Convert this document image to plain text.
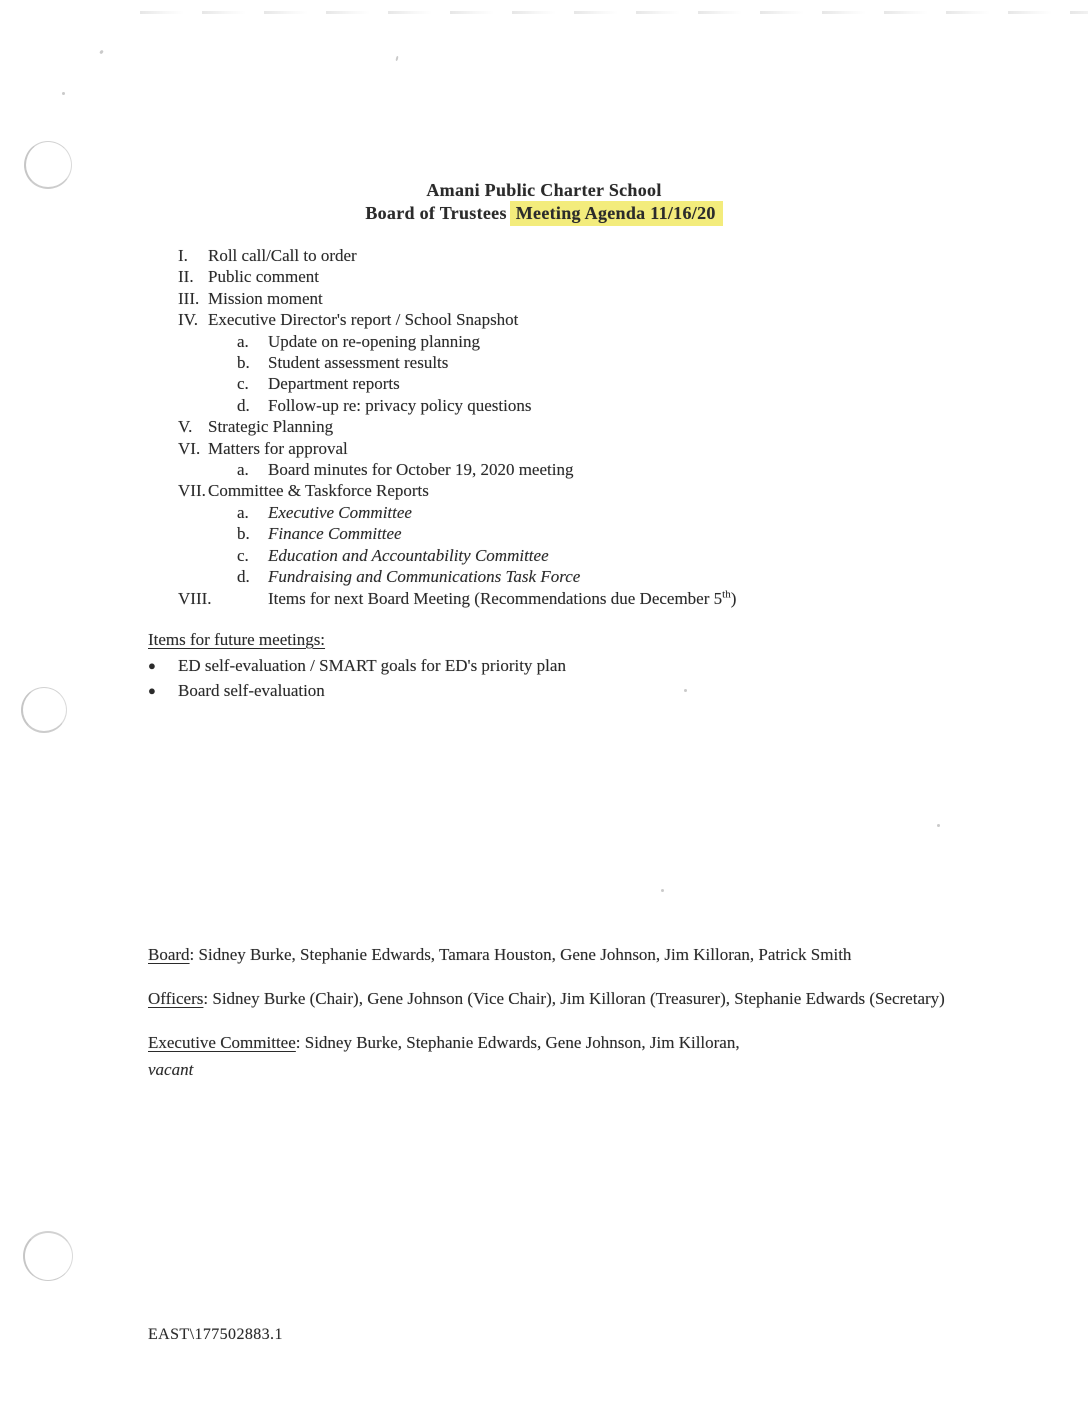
Amani Public Charter School
Board of Trustees Meeting Agenda 11/16/20
I.	Roll call/Call to order
II. Public comment
III. Mission moment
IV. Executive Director's report / School Snapshot
a.	Update on re-opening planning
b.	Student assessment results
c.	Department reports
d.	Follow-up re: privacy policy questions
V. Strategic Planning
VI. Matters for approval
a.	Board minutes for October 19, 2020 meeting
VII. Committee & Taskforce Reports
a.	Executive Committee
b.	Finance Committee
c.	Education and Accountability Committee
d.	Fundraising and Communications Task Force
VIII.	Items for next Board Meeting (Recommendations due December 5th)
Items for future meetings:
●	ED self-evaluation / SMART goals for ED's priority plan
●	Board self-evaluation

Board: Sidney Burke, Stephanie Edwards, Tamara Houston, Gene Johnson, Jim Killoran, Patrick Smith

Officers: Sidney Burke (Chair), Gene Johnson (Vice Chair), Jim Killoran (Treasurer), Stephanie Edwards (Secretary)

Executive Committee: Sidney Burke, Stephanie Edwards, Gene Johnson, Jim Killoran,
vacant

EAST\177502883.1
